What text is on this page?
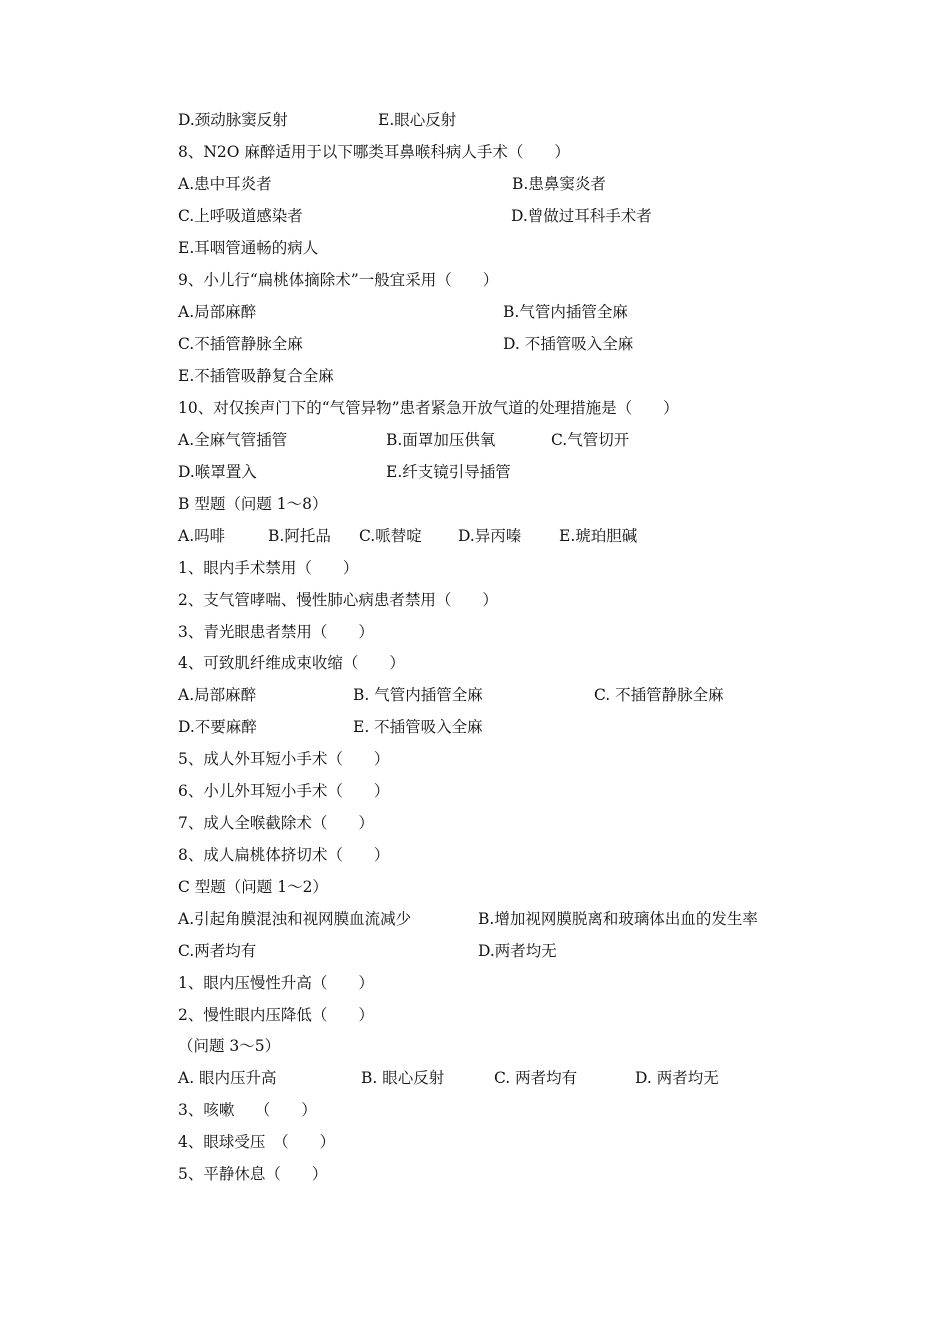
D.颈动脉窦反射	E.眼心反射
8、N2O 麻醉适用于以下哪类耳鼻喉科病人手术（　　）
A.患中耳炎者	B.患鼻窦炎者
C.上呼吸道感染者	D.曾做过耳科手术者
E.耳咽管通畅的病人
9、小儿行“扁桃体摘除术”一般宜采用（　　）
A.局部麻醉	B.气管内插管全麻
C.不插管静脉全麻	D. 不插管吸入全麻
E.不插管吸静复合全麻
10、对仅挨声门下的“气管异物”患者紧急开放气道的处理措施是（　　）
A.全麻气管插管	B.面罩加压供氧	C.气管切开
D.喉罩置入	E.纤支镜引导插管
B 型题（问题 1～8）
A.吗啡	B.阿托品 C.哌替啶 D.异丙嗪 E.琥珀胆碱
1、眼内手术禁用（　　）
2、支气管哮喘、慢性肺心病患者禁用（　　）
3、青光眼患者禁用（　　）
4、可致肌纤维成束收缩（　　）
A.局部麻醉	B. 气管内插管全麻	C. 不插管静脉全麻
D.不要麻醉	E. 不插管吸入全麻
5、成人外耳短小手术（　　）
6、小儿外耳短小手术（　　）
7、成人全喉截除术（　　）
8、成人扁桃体挤切术（　　）
C 型题（问题 1～2）
A.引起角膜混浊和视网膜血流减少	B.增加视网膜脱离和玻璃体出血的发生率
C.两者均有	D.两者均无
1、眼内压慢性升高（　　）
2、慢性眼内压降低（　　）
（问题 3～5）
A. 眼内压升高	B. 眼心反射	C. 两者均有	D. 两者均无
3、咳嗽　 （　　）
4、眼球受压　（　　）
5、平静休息（　　）
